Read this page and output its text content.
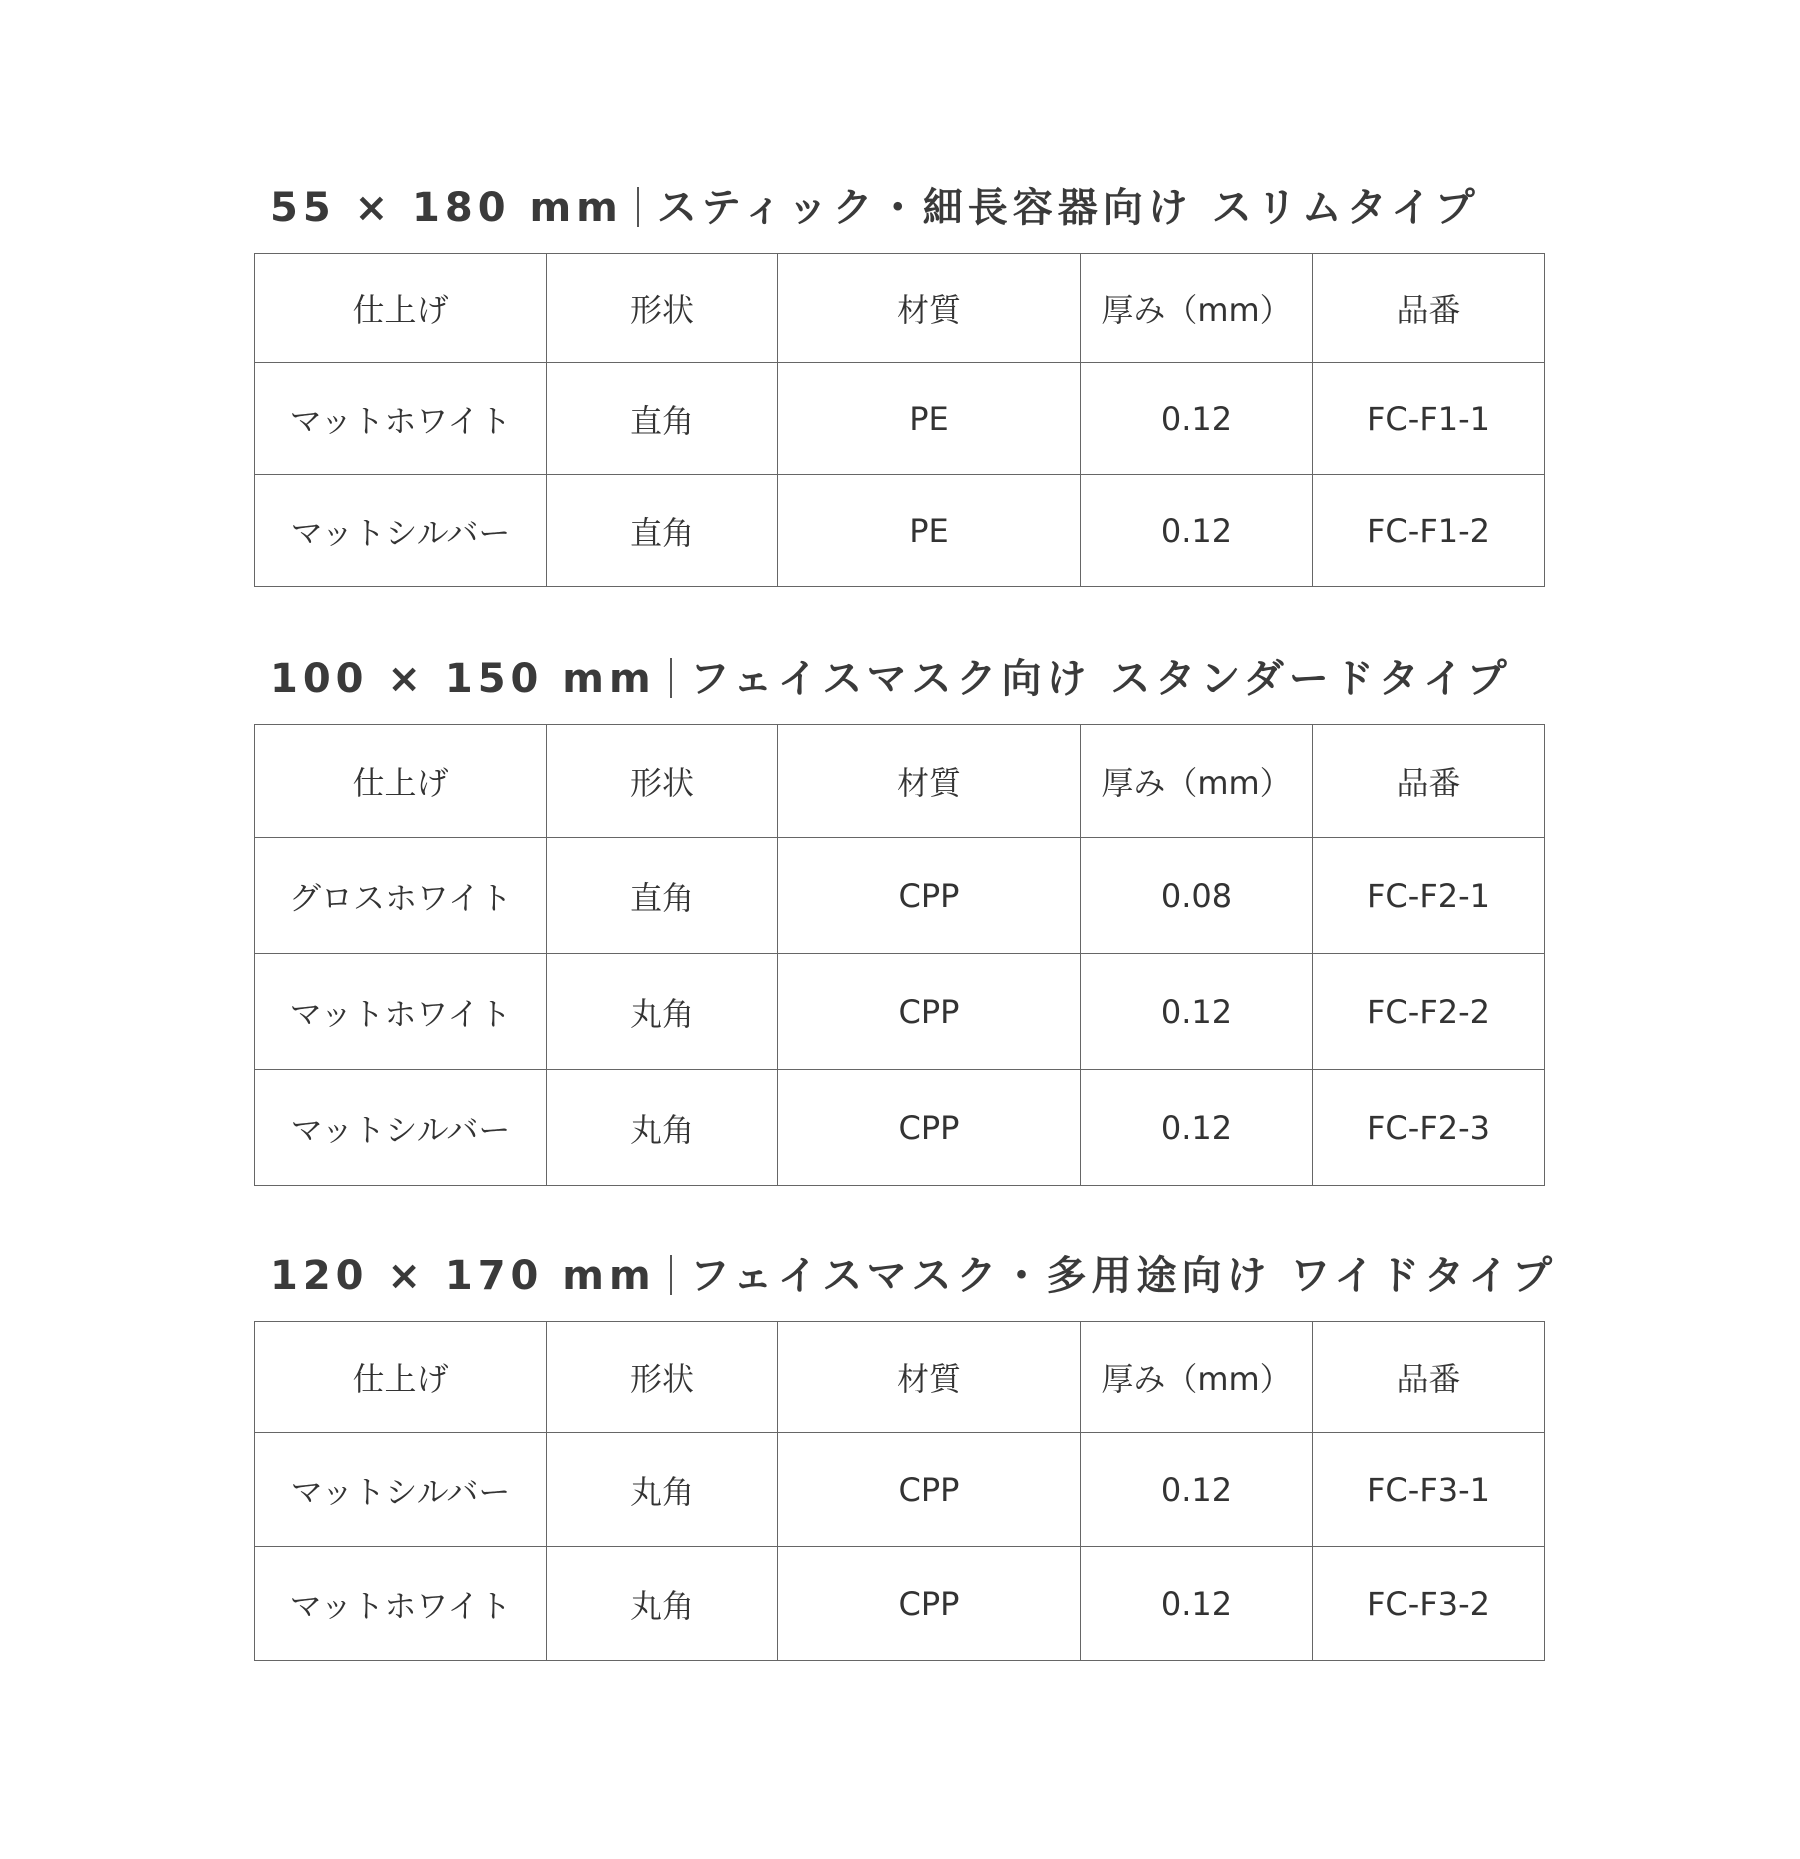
55 × 180 mm スティック・細長容器向け スリムタイプ
仕上げ	形状	材質	厚み（mm）	品番
マットホワイト	直角	PE	0.12	FC-F1-1
マットシルバー	直角	PE	0.12	FC-F1-2
100 × 150 mm フェイスマスク向け スタンダードタイプ
仕上げ	形状	材質	厚み（mm）	品番
グロスホワイト	直角	CPP	0.08	FC-F2-1
マットホワイト	丸角	CPP	0.12	FC-F2-2
マットシルバー	丸角	CPP	0.12	FC-F2-3
120 × 170 mm フェイスマスク・多用途向け ワイドタイプ
仕上げ	形状	材質	厚み（mm）	品番
マットシルバー	丸角	CPP	0.12	FC-F3-1
マットホワイト	丸角	CPP	0.12	FC-F3-2
